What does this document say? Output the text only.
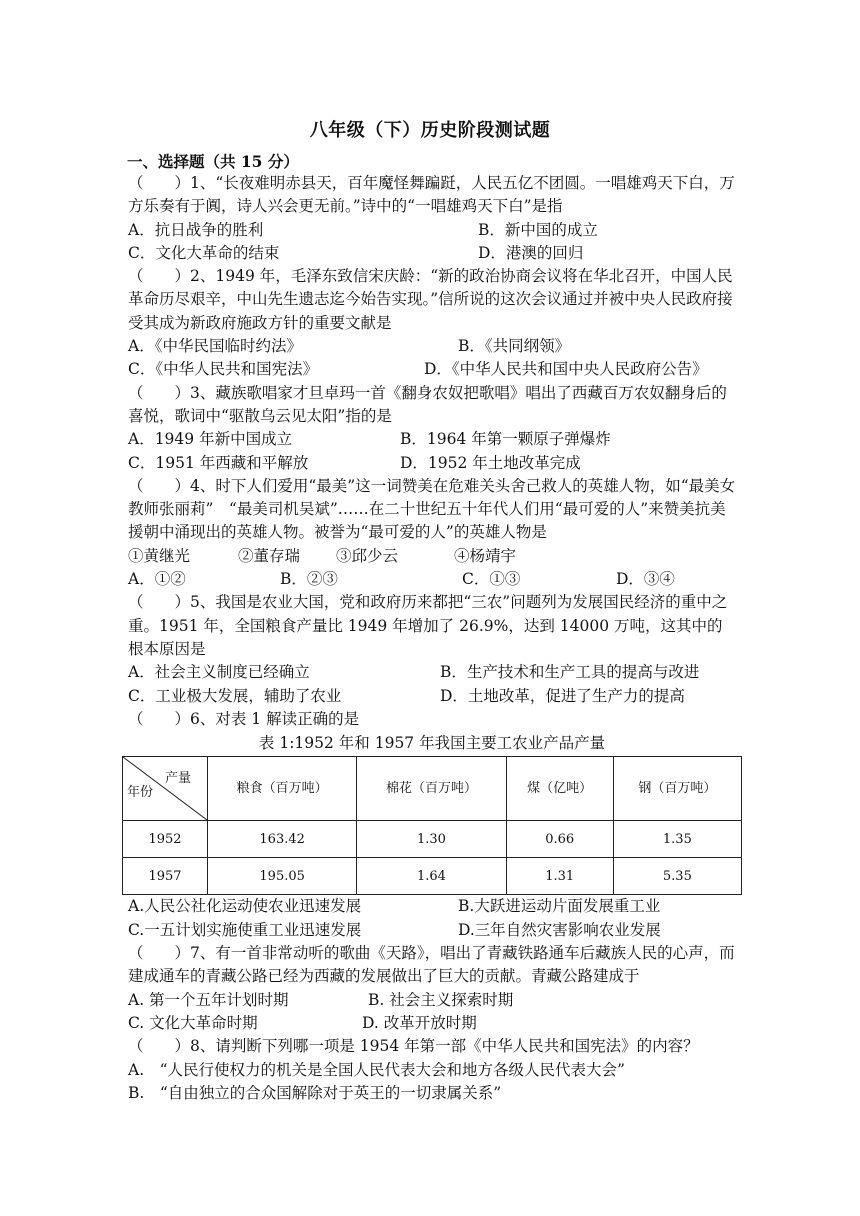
八年级（下）历史阶段测试题
一、选择题（共 15 分）

（　　）1、“长夜难明赤县天，百年魔怪舞蹁跹，人民五亿不团圆。一唱雄鸡天下白，万方乐奏有于阗，诗人兴会更无前。”诗中的“一唱雄鸡天下白”是指

A．抗日战争的胜利	B．新中国的成立
C．文化大革命的结束	D．港澳的回归

（　　）2、1949 年，毛泽东致信宋庆龄：“新的政治协商会议将在华北召开，中国人民革命历尽艰辛，中山先生遗志迄今始告实现。”信所说的这次会议通过并被中央人民政府接受其成为新政府施政方针的重要文献是

A．《中华民国临时约法》	B．《共同纲领》
C．《中华人民共和国宪法》	D．《中华人民共和国中央人民政府公告》

（　　）3、藏族歌唱家才旦卓玛一首《翻身农奴把歌唱》唱出了西藏百万农奴翻身后的喜悦，歌词中“驱散乌云见太阳”指的是

A．1949 年新中国成立	B．1964 年第一颗原子弹爆炸
C．1951 年西藏和平解放	D．1952 年土地改革完成

（　　）4、时下人们爱用“最美”这一词赞美在危难关头舍己救人的英雄人物，如“最美女教师张丽莉”　“最美司机吴斌”……在二十世纪五十年代人们用“最可爱的人”来赞美抗美援朝中涌现出的英雄人物。被誉为“最可爱的人”的英雄人物是

①黄继光	②董存瑞	③邱少云	④杨靖宇
A．①②	B．②③	C．①③	D．③④

（　　）5、我国是农业大国，党和政府历来都把“三农”问题列为发展国民经济的重中之重。1951 年，全国粮食产量比 1949 年增加了 26.9%，达到 14000 万吨，这其中的根本原因是

A．社会主义制度已经确立	B．生产技术和生产工具的提高与改进
C．工业极大发展，辅助了农业	D．土地改革，促进了生产力的提高

（　　）6、对表 1 解读正确的是

表 1:1952 年和 1957 年我国主要工农业产品产量

产量
年份	粮食（百万吨）	棉花（百万吨）	煤（亿吨）	钢（百万吨）
1952	163.42	1.30	0.66	1.35
1957	195.05	1.64	1.31	5.35
A.人民公社化运动使农业迅速发展	B.大跃进运动片面发展重工业
C.一五计划实施使重工业迅速发展	D.三年自然灾害影响农业发展

（　　）7、有一首非常动听的歌曲《天路》，唱出了青藏铁路通车后藏族人民的心声，而建成通车的青藏公路已经为西藏的发展做出了巨大的贡献。青藏公路建成于

A. 第一个五年计划时期	B. 社会主义探索时期
C. 文化大革命时期	D. 改革开放时期

（　　）8、请判断下列哪一项是 1954 年第一部《中华人民共和国宪法》的内容？

A.　“人民行使权力的机关是全国人民代表大会和地方各级人民代表大会”
B.　“自由独立的合众国解除对于英王的一切隶属关系”
